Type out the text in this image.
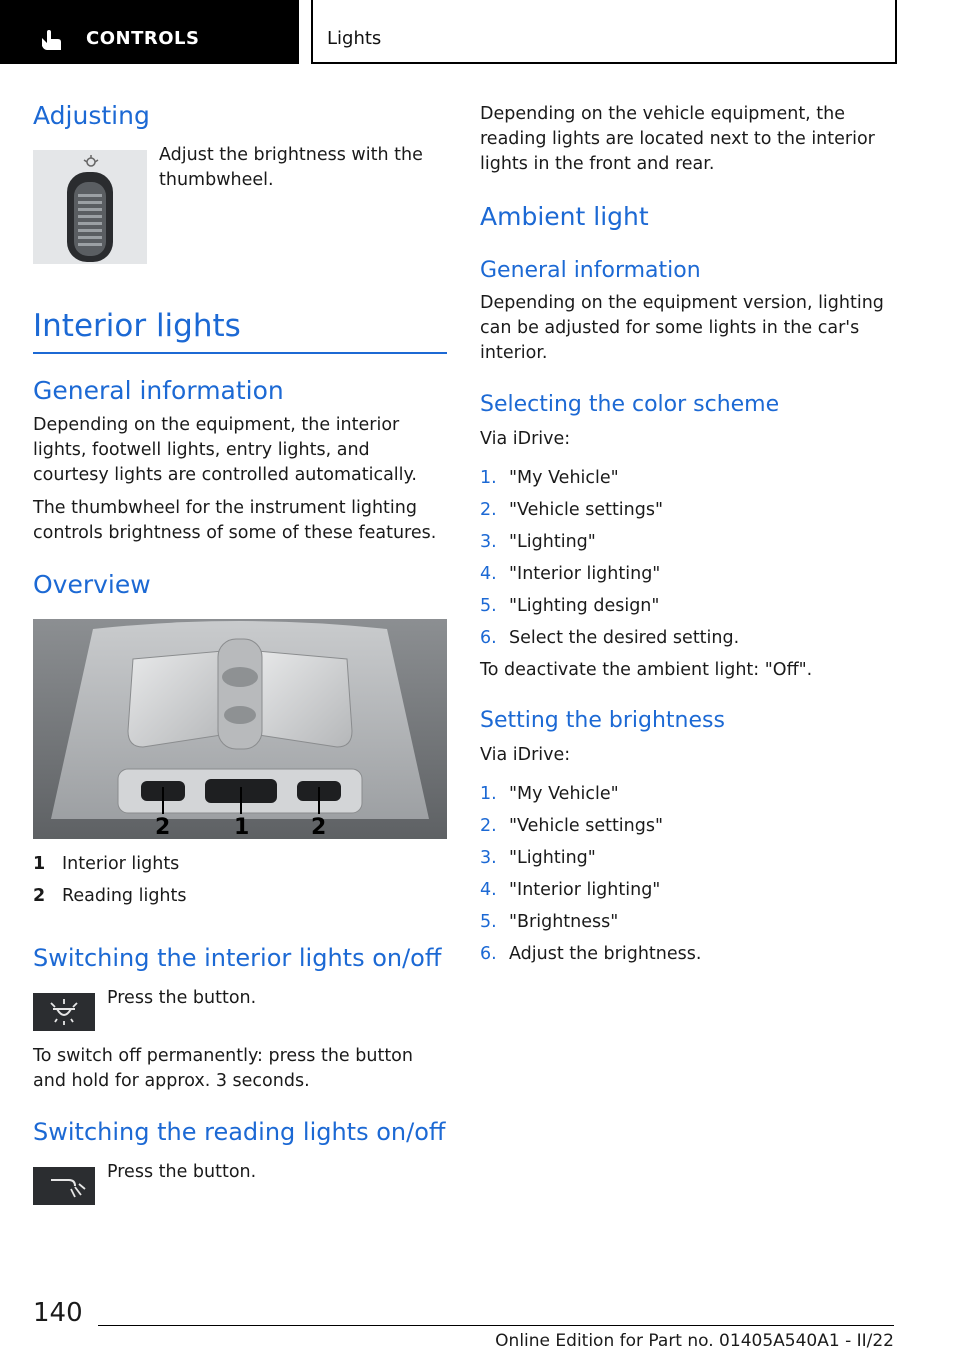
CONTROLS	Lights
Adjusting

Adjust the brightness with the thumbwheel.

Interior lights
General information

Depending on the equipment, the interior lights, footwell lights, entry lights, and courtesy lights are controlled automatically.

The thumbwheel for the instrument lighting controls brightness of some of these features.

Overview
2	1	2
1 Interior lights
2 Reading lights
Switching the interior lights on/off

Press the button.

To switch off permanently: press the button and hold for approx. 3 seconds.

Switching the reading lights on/off

Press the button.

Depending on the vehicle equipment, the reading lights are located next to the interior lights in the front and rear.

Ambient light
General information

Depending on the equipment version, lighting can be adjusted for some lights in the car's interior.

Selecting the color scheme

Via iDrive:

1. "My Vehicle"
2. "Vehicle settings"
3. "Lighting"
4. "Interior lighting"
5. "Lighting design"
6. Select the desired setting.

To deactivate the ambient light: "Off".

Setting the brightness

Via iDrive:

1. "My Vehicle"
2. "Vehicle settings"
3. "Lighting"
4. "Interior lighting"
5. "Brightness"
6. Adjust the brightness.
140
Online Edition for Part no. 01405A540A1 - II/22
